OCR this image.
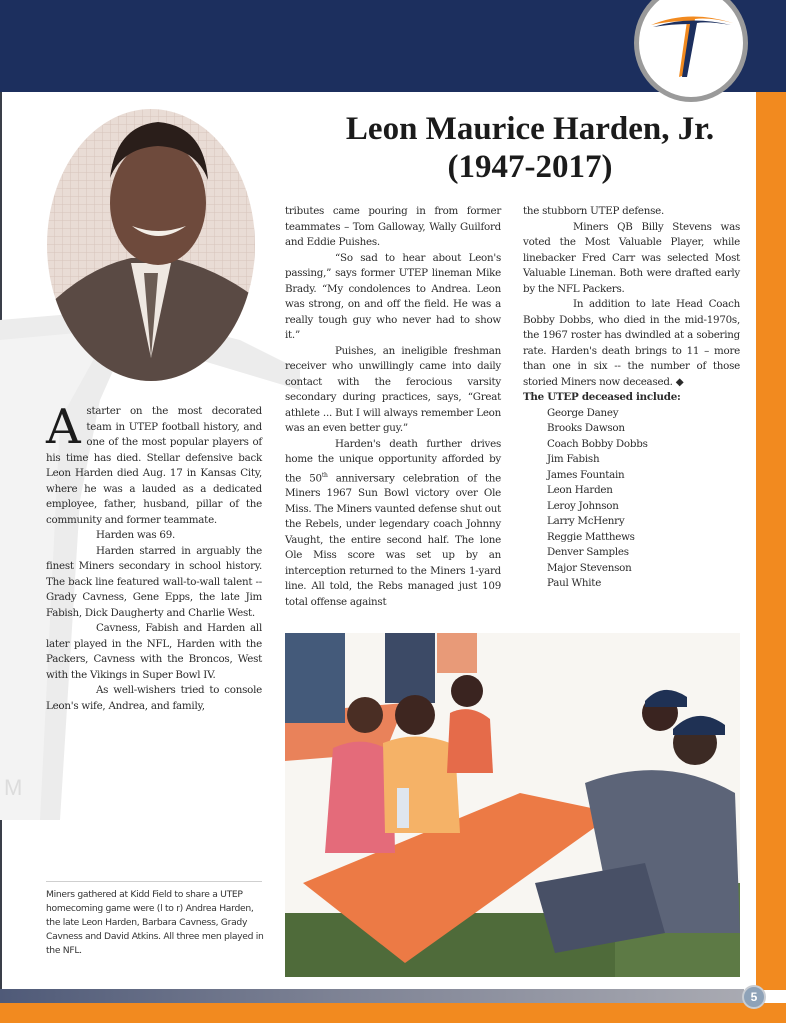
M
Leon Maurice Harden, Jr.
(1947-2017)

A starter on the most decorated team in UTEP football history, and one of the most popular players of his time has died. Stellar defensive back Leon Harden died Aug. 17 in Kansas City, where he was a lauded as a dedicated employee, father, husband, pillar of the community and former teammate.

Harden was 69.

Harden starred in arguably the finest Miners secondary in school history. The back line featured wall-to-wall talent -- Grady Cavness, Gene Epps, the late Jim Fabish, Dick Daugherty and Charlie West.

Cavness, Fabish and Harden all later played in the NFL, Harden with the Packers, Cavness with the Broncos, West with the Vikings in Super Bowl IV.

As well-wishers tried to console Leon's wife, Andrea, and family,

tributes came pouring in from former teammates – Tom Galloway, Wally Guilford and Eddie Puishes.

“So sad to hear about Leon's passing,” says former UTEP lineman Mike Brady. “My condolences to Andrea. Leon was strong, on and off the field. He was a really tough guy who never had to show it.”

Puishes, an ineligible freshman receiver who unwillingly came into daily contact with the ferocious varsity secondary during practices, says, “Great athlete ... But I will always remember Leon was an even better guy.”

Harden's death further drives home the unique opportunity afforded by the 50th anniversary celebration of the Miners 1967 Sun Bowl victory over Ole Miss. The Miners vaunted defense shut out the Rebels, under legendary coach Johnny Vaught, the entire second half. The lone Ole Miss score was set up by an interception returned to the Miners 1-yard line. All told, the Rebs managed just 109 total offense against

the stubborn UTEP defense.

Miners QB Billy Stevens was voted the Most Valuable Player, while linebacker Fred Carr was selected Most Valuable Lineman. Both were drafted early by the NFL Packers.

In addition to late Head Coach Bobby Dobbs, who died in the mid-1970s, the 1967 roster has dwindled at a sobering rate. Harden's death brings to 11 – more than one in six -- the number of those storied Miners now deceased. ◆

The UTEP deceased include:

George Daney
Brooks Dawson
Coach Bobby Dobbs
Jim Fabish
James Fountain
Leon Harden
Leroy Johnson
Larry McHenry
Reggie Matthews
Denver Samples
Major Stevenson
Paul White
Miners gathered at Kidd Field to share a UTEP homecoming game were (l to r) Andrea Harden, the late Leon Harden, Barbara Cavness, Grady Cavness and David Atkins. All three men played in the NFL.
5
